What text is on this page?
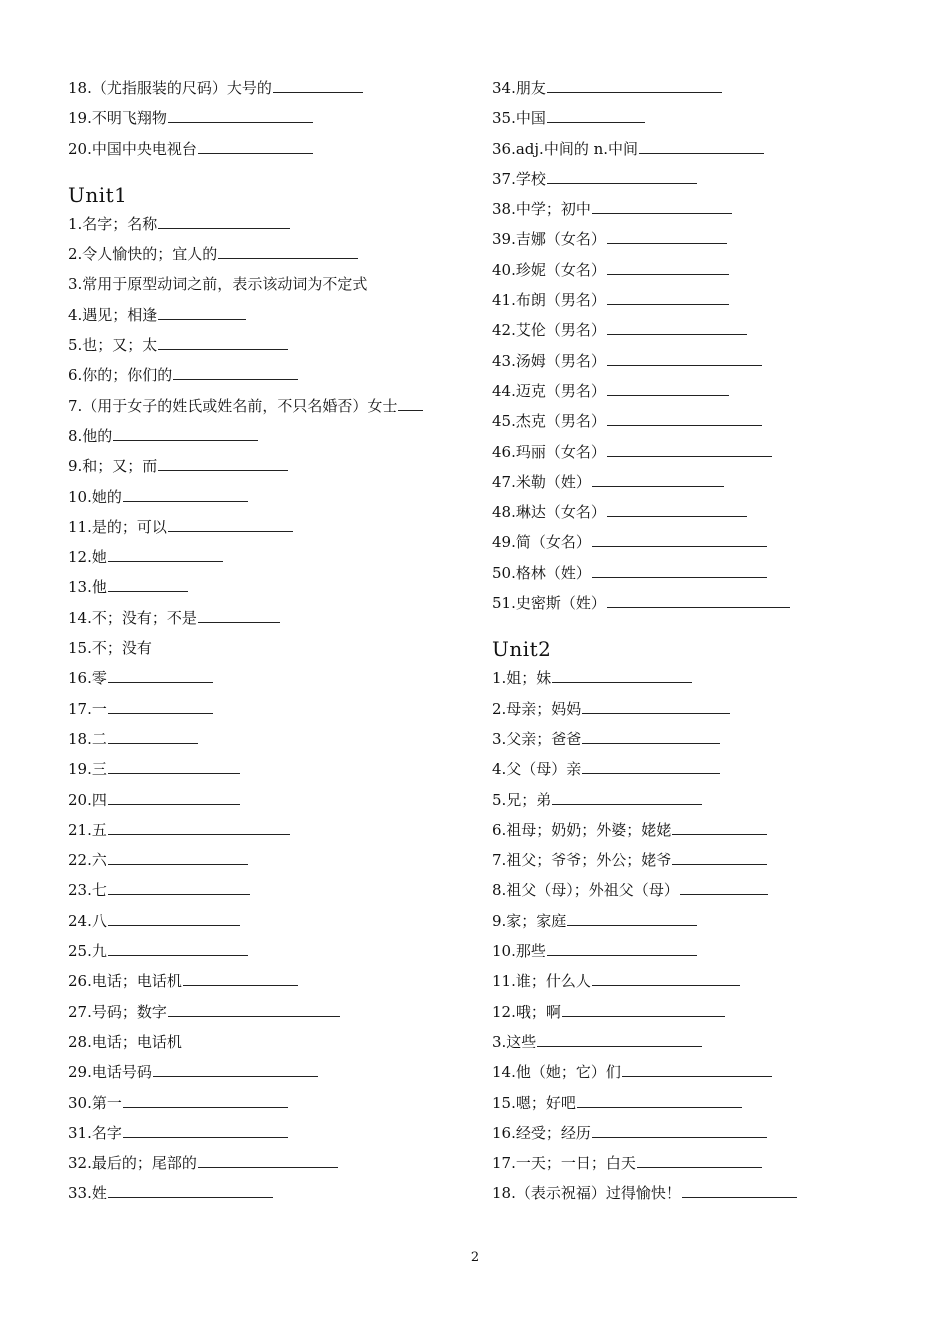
18.（尤指服装的尺码）大号的
19.不明飞翔物
20.中国中央电视台
Unit1
1.名字；名称
2.令人愉快的；宜人的
3.常用于原型动词之前，表示该动词为不定式
4.遇见；相逢
5.也；又；太
6.你的；你们的
7.（用于女子的姓氏或姓名前，不只名婚否）女士
8.他的
9.和；又；而
10.她的
11.是的；可以
12.她
13.他
14.不；没有；不是
15.不；没有
16.零
17.一
18.二
19.三
20.四
21.五
22.六
23.七
24.八
25.九
26.电话；电话机
27.号码；数字
28.电话；电话机
29.电话号码
30.第一
31.名字
32.最后的；尾部的
33.姓
34.朋友
35.中国
36.adj.中间的 n.中间
37.学校
38.中学；初中
39.吉娜（女名）
40.珍妮（女名）
41.布朗（男名）
42.艾伦（男名）
43.汤姆（男名）
44.迈克（男名）
45.杰克（男名）
46.玛丽（女名）
47.米勒（姓）
48.琳达（女名）
49.简（女名）
50.格林（姓）
51.史密斯（姓）
Unit2
1.姐；妹
2.母亲；妈妈
3.父亲；爸爸
4.父（母）亲
5.兄；弟
6.祖母；奶奶；外婆；姥姥
7.祖父；爷爷；外公；姥爷
8.祖父（母）；外祖父（母）
9.家；家庭
10.那些
11.谁；什么人
12.哦；啊
3.这些
14.他（她；它）们
15.嗯；好吧
16.经受；经历
17.一天；一日；白天
18.（表示祝福）过得愉快！
2
